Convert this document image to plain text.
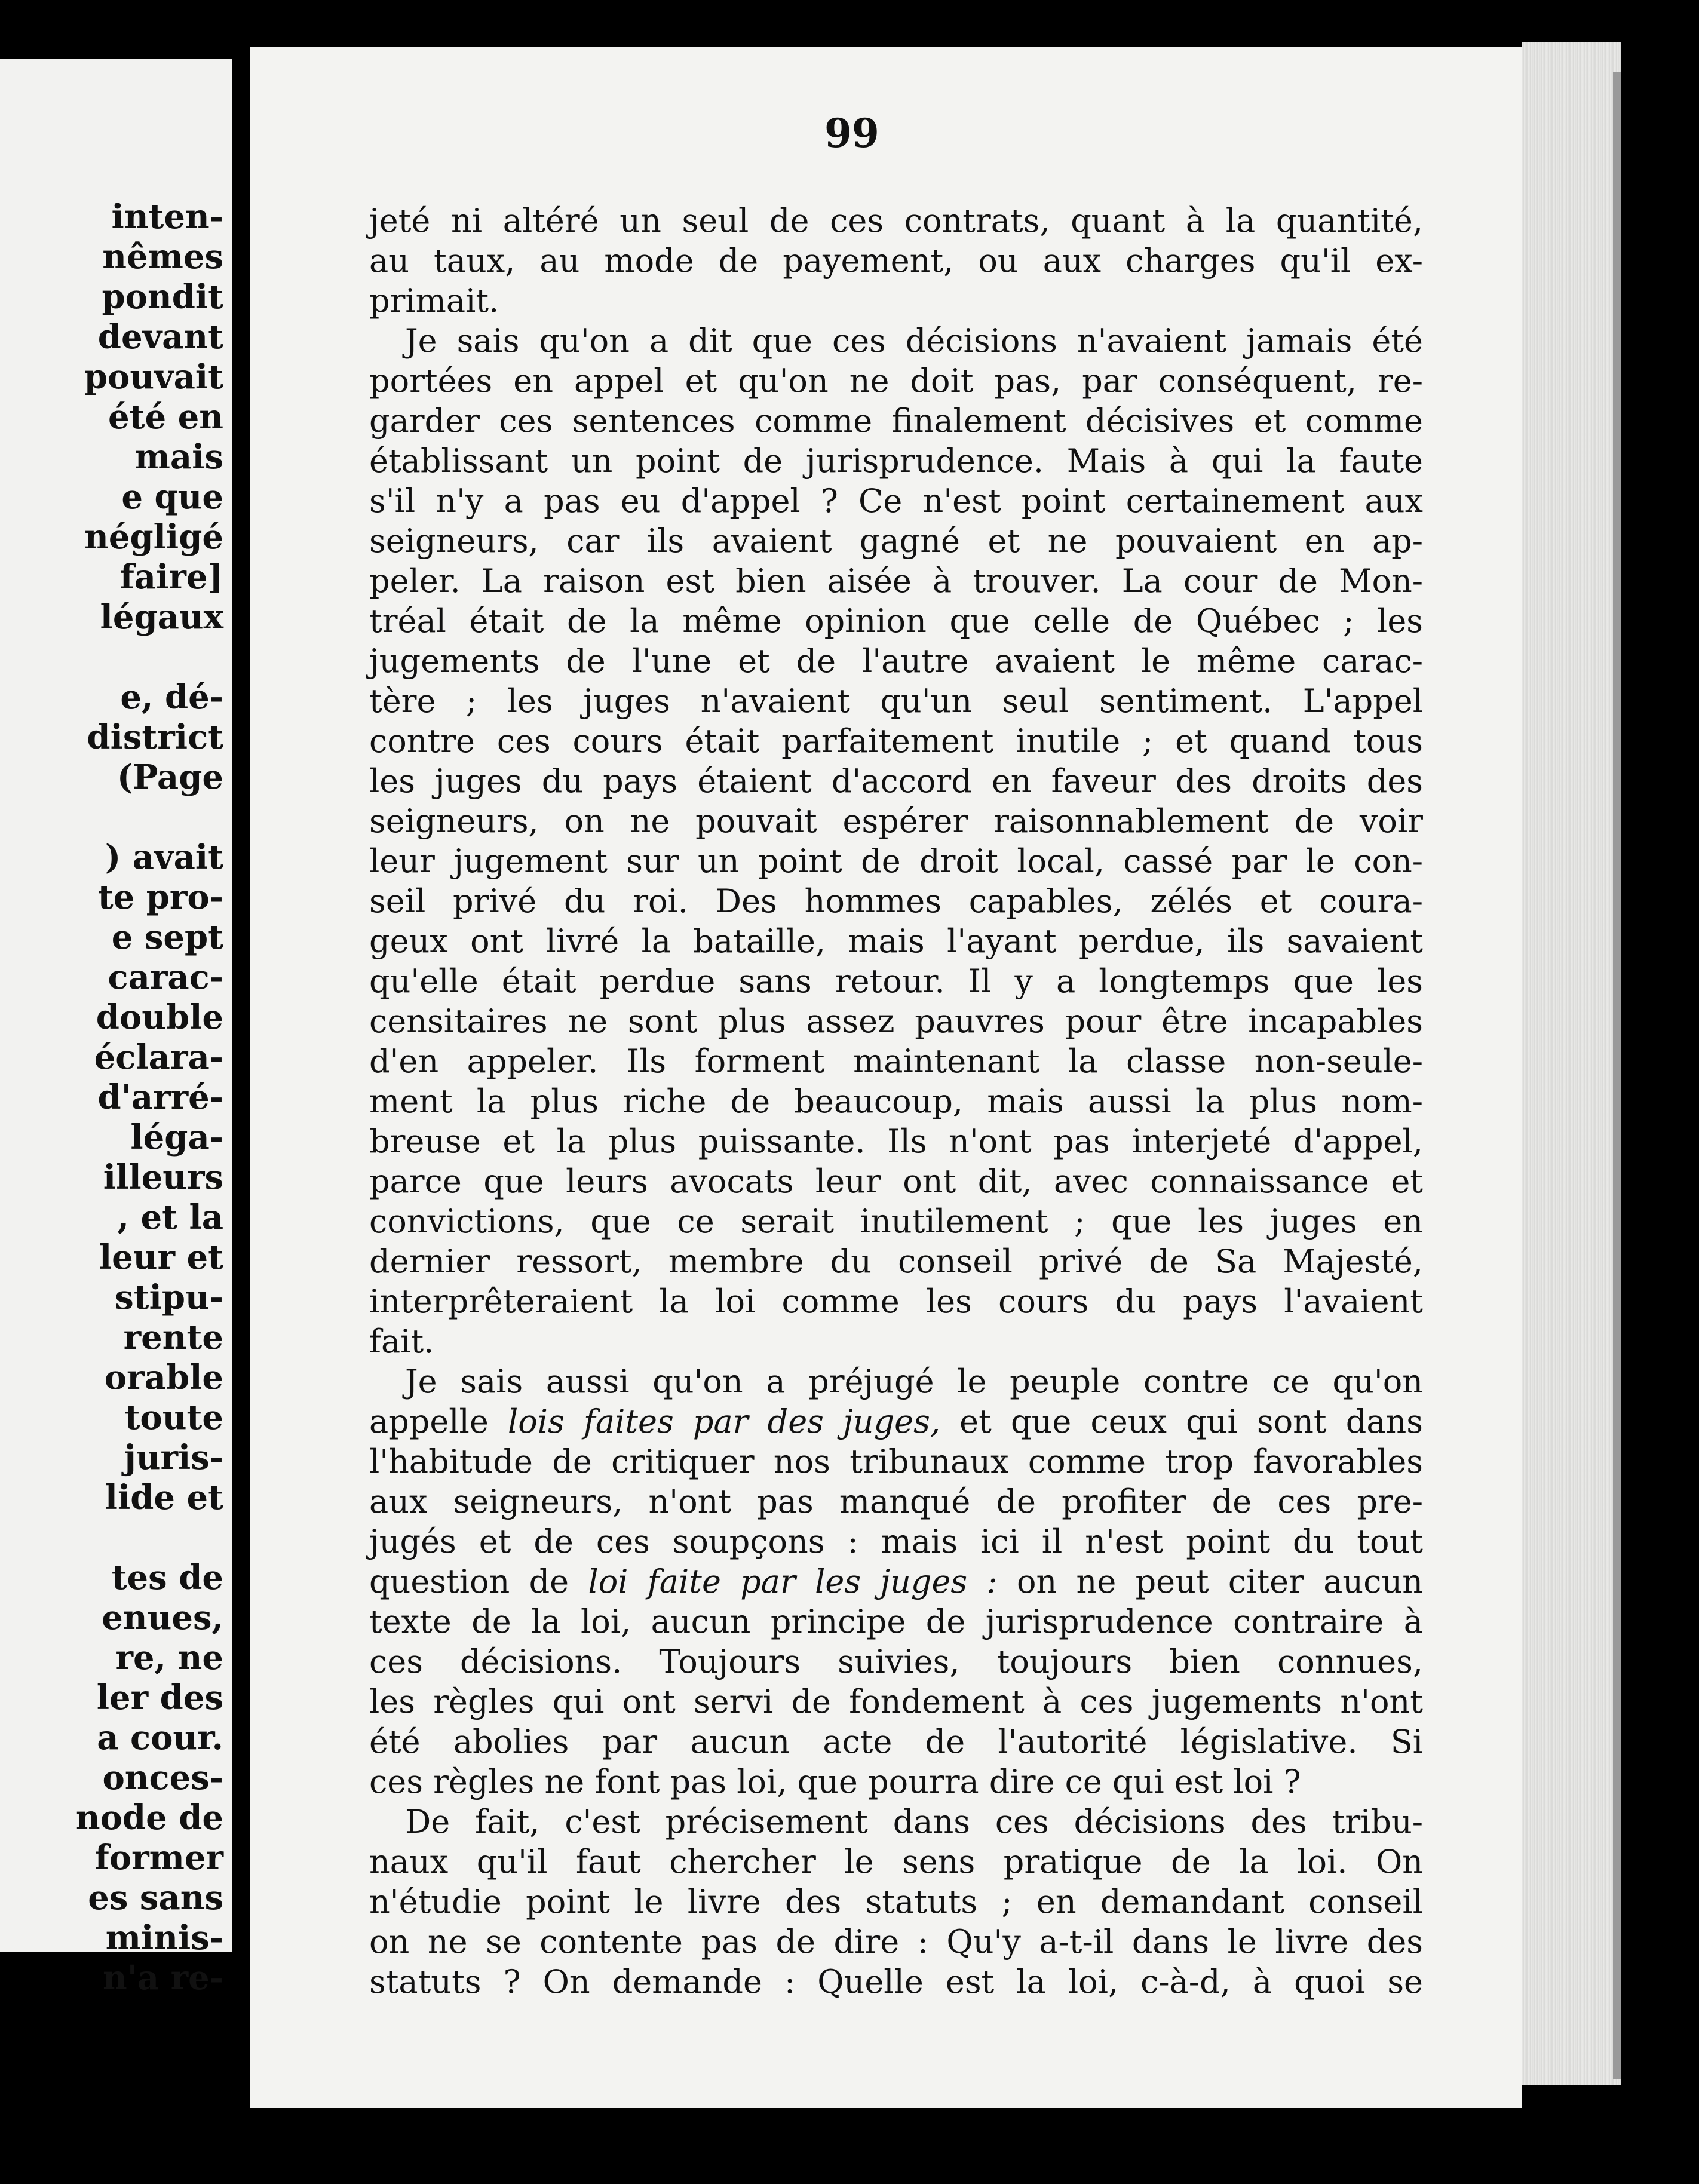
inten-
nêmes
pondit
devant
pouvait
été en
mais
e que
négligé
faire]
légaux
e, dé-
district
(Page
) avait
te pro-
e sept
carac-
double
éclara-
d'arré-
léga-
illeurs
, et la
leur et
stipu-
rente
orable
toute
juris-
lide et
tes de
enues,
re, ne
ler des
a cour.
onces-
node de
former
es sans
minis-
n'a re-
99
jeté ni altéré un seul de ces contrats, quant à la quantité,
au taux, au mode de payement, ou aux charges qu'il ex-
primait.
Je sais qu'on a dit que ces décisions n'avaient jamais été
portées en appel et qu'on ne doit pas, par conséquent, re-
garder ces sentences comme finalement décisives et comme
établissant un point de jurisprudence. Mais à qui la faute
s'il n'y a pas eu d'appel ? Ce n'est point certainement aux
seigneurs, car ils avaient gagné et ne pouvaient en ap-
peler. La raison est bien aisée à trouver. La cour de Mon-
tréal était de la même opinion que celle de Québec ; les
jugements de l'une et de l'autre avaient le même carac-
tère ; les juges n'avaient qu'un seul sentiment. L'appel
contre ces cours était parfaitement inutile ; et quand tous
les juges du pays étaient d'accord en faveur des droits des
seigneurs, on ne pouvait espérer raisonnablement de voir
leur jugement sur un point de droit local, cassé par le con-
seil privé du roi. Des hommes capables, zélés et coura-
geux ont livré la bataille, mais l'ayant perdue, ils savaient
qu'elle était perdue sans retour. Il y a longtemps que les
censitaires ne sont plus assez pauvres pour être incapables
d'en appeler. Ils forment maintenant la classe non-seule-
ment la plus riche de beaucoup, mais aussi la plus nom-
breuse et la plus puissante. Ils n'ont pas interjeté d'appel,
parce que leurs avocats leur ont dit, avec connaissance et
convictions, que ce serait inutilement ; que les juges en
dernier ressort, membre du conseil privé de Sa Majesté,
interprêteraient la loi comme les cours du pays l'avaient
fait.
Je sais aussi qu'on a préjugé le peuple contre ce qu'on
appelle lois faites par des juges, et que ceux qui sont dans
l'habitude de critiquer nos tribunaux comme trop favorables
aux seigneurs, n'ont pas manqué de profiter de ces pre-
jugés et de ces soupçons : mais ici il n'est point du tout
question de loi faite par les juges : on ne peut citer aucun
texte de la loi, aucun principe de jurisprudence contraire à
ces décisions. Toujours suivies, toujours bien connues,
les règles qui ont servi de fondement à ces jugements n'ont
été abolies par aucun acte de l'autorité législative. Si
ces règles ne font pas loi, que pourra dire ce qui est loi ?
De fait, c'est précisement dans ces décisions des tribu-
naux qu'il faut chercher le sens pratique de la loi. On
n'étudie point le livre des statuts ; en demandant conseil
on ne se contente pas de dire : Qu'y a-t-il dans le livre des
statuts ? On demande : Quelle est la loi, c-à-d, à quoi se
